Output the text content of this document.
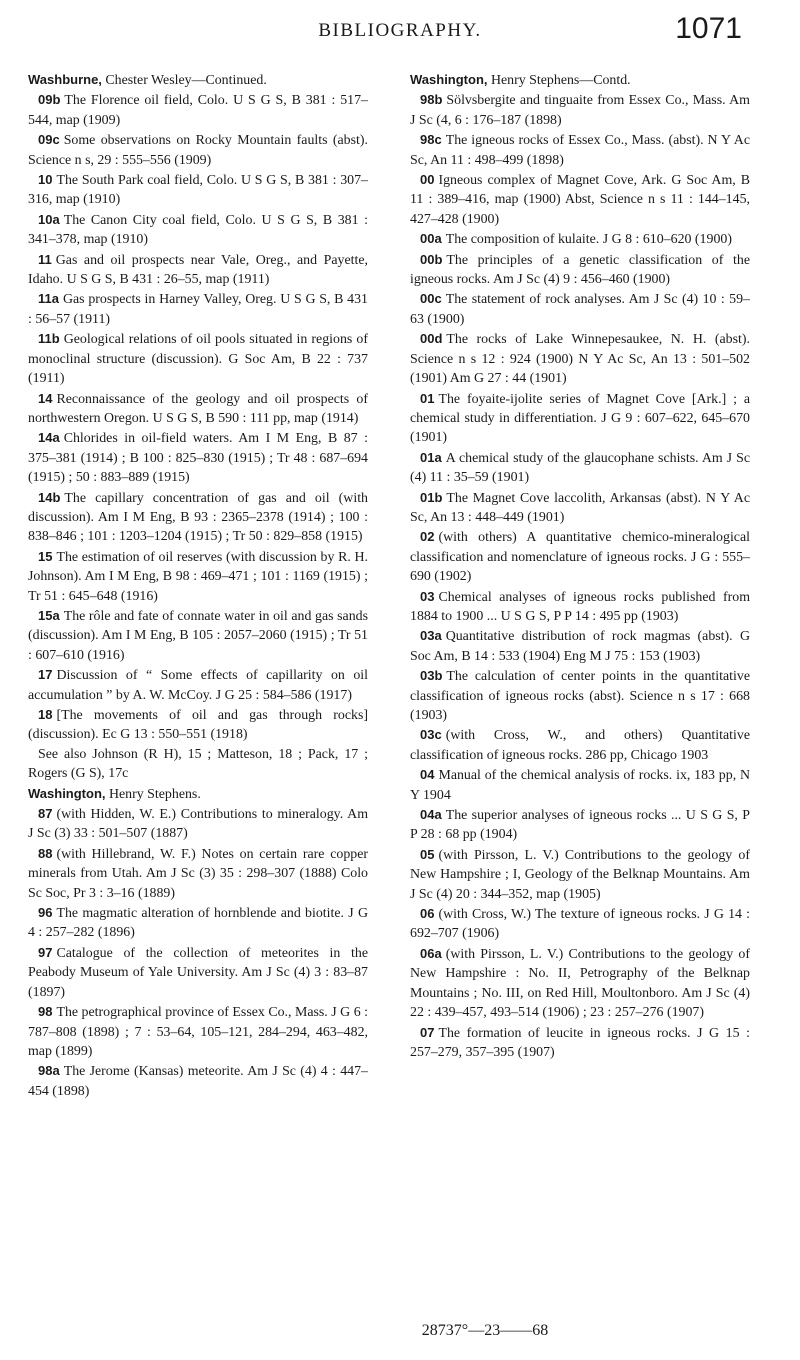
BIBLIOGRAPHY.	1071
Washburne, Chester Wesley—Continued.
09b The Florence oil field, Colo. U S G S, B 381 : 517–544, map (1909)
09c Some observations on Rocky Mountain faults (abst). Science n s, 29 : 555–556 (1909)
10 The South Park coal field, Colo. U S G S, B 381 : 307–316, map (1910)
10a The Canon City coal field, Colo. U S G S, B 381 : 341–378, map (1910)
11 Gas and oil prospects near Vale, Oreg., and Payette, Idaho. U S G S, B 431 : 26–55, map (1911)
11a Gas prospects in Harney Valley, Oreg. U S G S, B 431 : 56–57 (1911)
11b Geological relations of oil pools situated in regions of monoclinal structure (discussion). G Soc Am, B 22 : 737 (1911)
14 Reconnaissance of the geology and oil prospects of northwestern Oregon. U S G S, B 590 : 111 pp, map (1914)
14a Chlorides in oil-field waters. Am I M Eng, B 87 : 375–381 (1914) ; B 100 : 825–830 (1915) ; Tr 48 : 687–694 (1915) ; 50 : 883–889 (1915)
14b The capillary concentration of gas and oil (with discussion). Am I M Eng, B 93 : 2365–2378 (1914) ; 100 : 838–846 ; 101 : 1203–1204 (1915) ; Tr 50 : 829–858 (1915)
15 The estimation of oil reserves (with discussion by R. H. Johnson). Am I M Eng, B 98 : 469–471 ; 101 : 1169 (1915) ; Tr 51 : 645–648 (1916)
15a The rôle and fate of connate water in oil and gas sands (discussion). Am I M Eng, B 105 : 2057–2060 (1915) ; Tr 51 : 607–610 (1916)
17 Discussion of “ Some effects of capillarity on oil accumulation ” by A. W. McCoy. J G 25 : 584–586 (1917)
18 [The movements of oil and gas through rocks] (discussion). Ec G 13 : 550–551 (1918)
See also Johnson (R H), 15 ; Matteson, 18 ; Pack, 17 ; Rogers (G S), 17c
Washington, Henry Stephens.
87 (with Hidden, W. E.) Contributions to mineralogy. Am J Sc (3) 33 : 501–507 (1887)
88 (with Hillebrand, W. F.) Notes on certain rare copper minerals from Utah. Am J Sc (3) 35 : 298–307 (1888) Colo Sc Soc, Pr 3 : 3–16 (1889)
96 The magmatic alteration of hornblende and biotite. J G 4 : 257–282 (1896)
97 Catalogue of the collection of meteorites in the Peabody Museum of Yale University. Am J Sc (4) 3 : 83–87 (1897)
98 The petrographical province of Essex Co., Mass. J G 6 : 787–808 (1898) ; 7 : 53–64, 105–121, 284–294, 463–482, map (1899)
98a The Jerome (Kansas) meteorite. Am J Sc (4) 4 : 447–454 (1898)
Washington, Henry Stephens—Contd.
98b Sölvsbergite and tinguaite from Essex Co., Mass. Am J Sc (4, 6 : 176–187 (1898)
98c The igneous rocks of Essex Co., Mass. (abst). N Y Ac Sc, An 11 : 498–499 (1898)
00 Igneous complex of Magnet Cove, Ark. G Soc Am, B 11 : 389–416, map (1900) Abst, Science n s 11 : 144–145, 427–428 (1900)
00a The composition of kulaite. J G 8 : 610–620 (1900)
00b The principles of a genetic classification of the igneous rocks. Am J Sc (4) 9 : 456–460 (1900)
00c The statement of rock analyses. Am J Sc (4) 10 : 59–63 (1900)
00d The rocks of Lake Winnepesaukee, N. H. (abst). Science n s 12 : 924 (1900) N Y Ac Sc, An 13 : 501–502 (1901) Am G 27 : 44 (1901)
01 The foyaite-ijolite series of Magnet Cove [Ark.] ; a chemical study in differentiation. J G 9 : 607–622, 645–670 (1901)
01a A chemical study of the glaucophane schists. Am J Sc (4) 11 : 35–59 (1901)
01b The Magnet Cove laccolith, Arkansas (abst). N Y Ac Sc, An 13 : 448–449 (1901)
02 (with others) A quantitative chemico-mineralogical classification and nomenclature of igneous rocks. J G : 555–690 (1902)
03 Chemical analyses of igneous rocks published from 1884 to 1900 ... U S G S, P P 14 : 495 pp (1903)
03a Quantitative distribution of rock magmas (abst). G Soc Am, B 14 : 533 (1904) Eng M J 75 : 153 (1903)
03b The calculation of center points in the quantitative classification of igneous rocks (abst). Science n s 17 : 668 (1903)
03c (with Cross, W., and others) Quantitative classification of igneous rocks. 286 pp, Chicago 1903
04 Manual of the chemical analysis of rocks. ix, 183 pp, N Y 1904
04a The superior analyses of igneous rocks ... U S G S, P P 28 : 68 pp (1904)
05 (with Pirsson, L. V.) Contributions to the geology of New Hampshire ; I, Geology of the Belknap Mountains. Am J Sc (4) 20 : 344–352, map (1905)
06 (with Cross, W.) The texture of igneous rocks. J G 14 : 692–707 (1906)
06a (with Pirsson, L. V.) Contributions to the geology of New Hampshire : No. II, Petrography of the Belknap Mountains ; No. III, on Red Hill, Moultonboro. Am J Sc (4) 22 : 439–457, 493–514 (1906) ; 23 : 257–276 (1907)
07 The formation of leucite in igneous rocks. J G 15 : 257–279, 357–395 (1907)
28737°—23——68
